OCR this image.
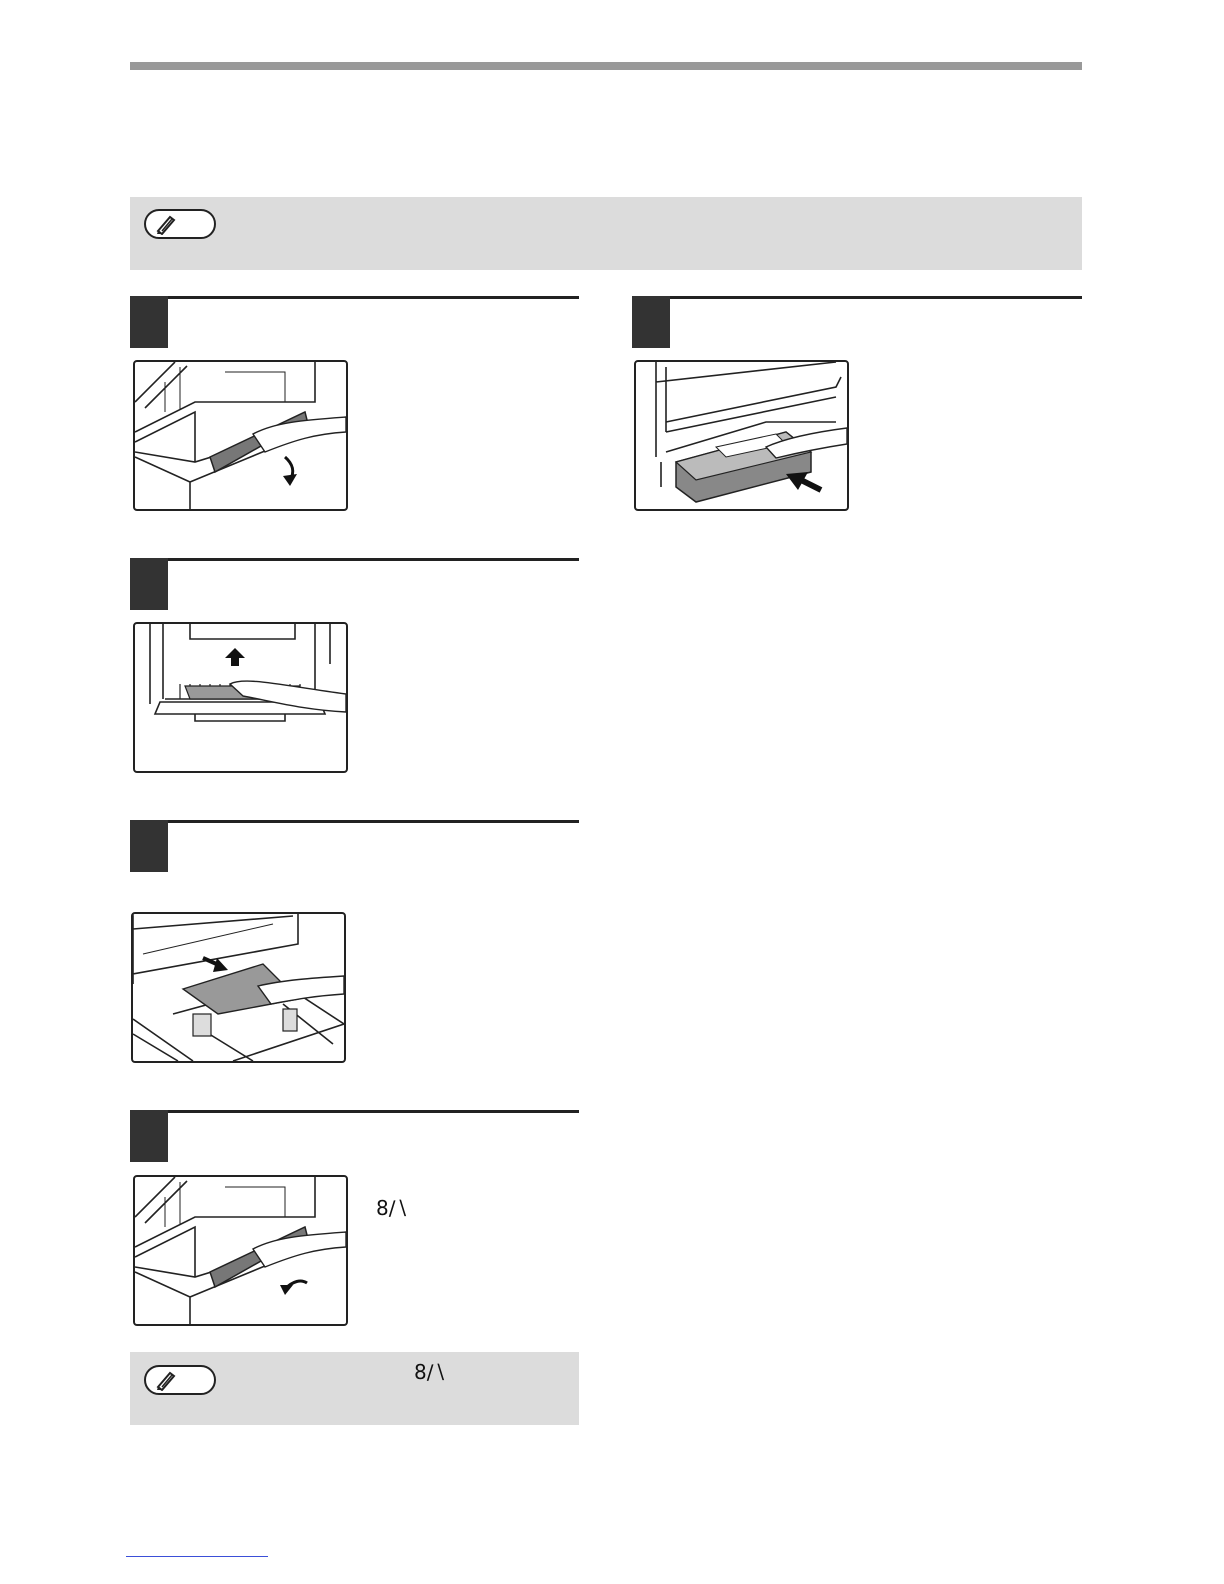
8∕∖
8∕∖
